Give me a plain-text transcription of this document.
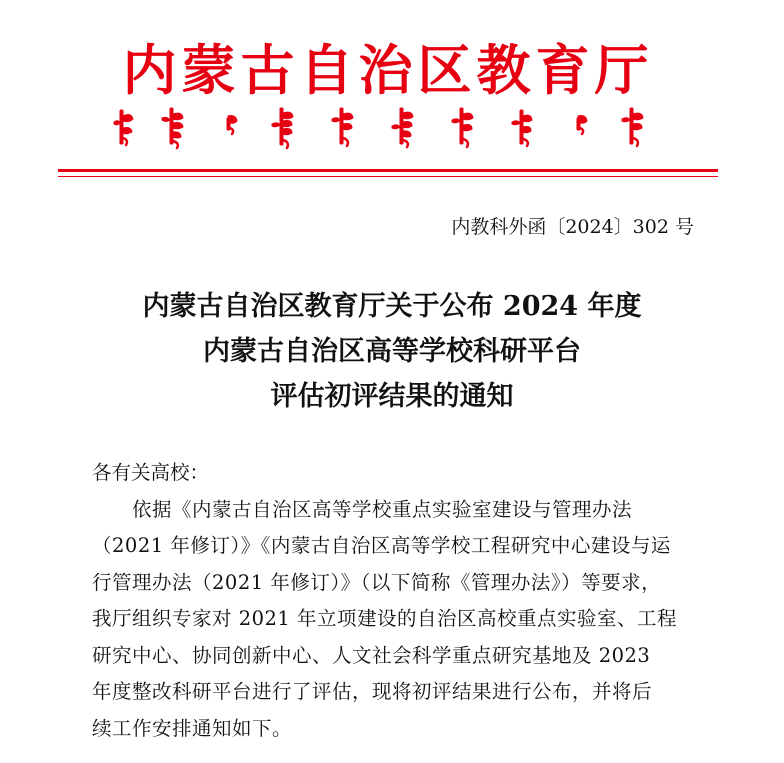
内蒙古自治区教育厅
内教科外函〔2024〕302 号
内蒙古自治区教育厅关于公布 2024 年度
内蒙古自治区高等学校科研平台
评估初评结果的通知
各有关高校：
依据《内蒙古自治区高等学校重点实验室建设与管理办法
（2021 年修订）》《内蒙古自治区高等学校工程研究中心建设与运
行管理办法（2021 年修订）》（以下简称《管理办法》）等要求，
我厅组织专家对 2021 年立项建设的自治区高校重点实验室、工程
研究中心、协同创新中心、人文社会科学重点研究基地及 2023
年度整改科研平台进行了评估，现将初评结果进行公布，并将后
续工作安排通知如下。
